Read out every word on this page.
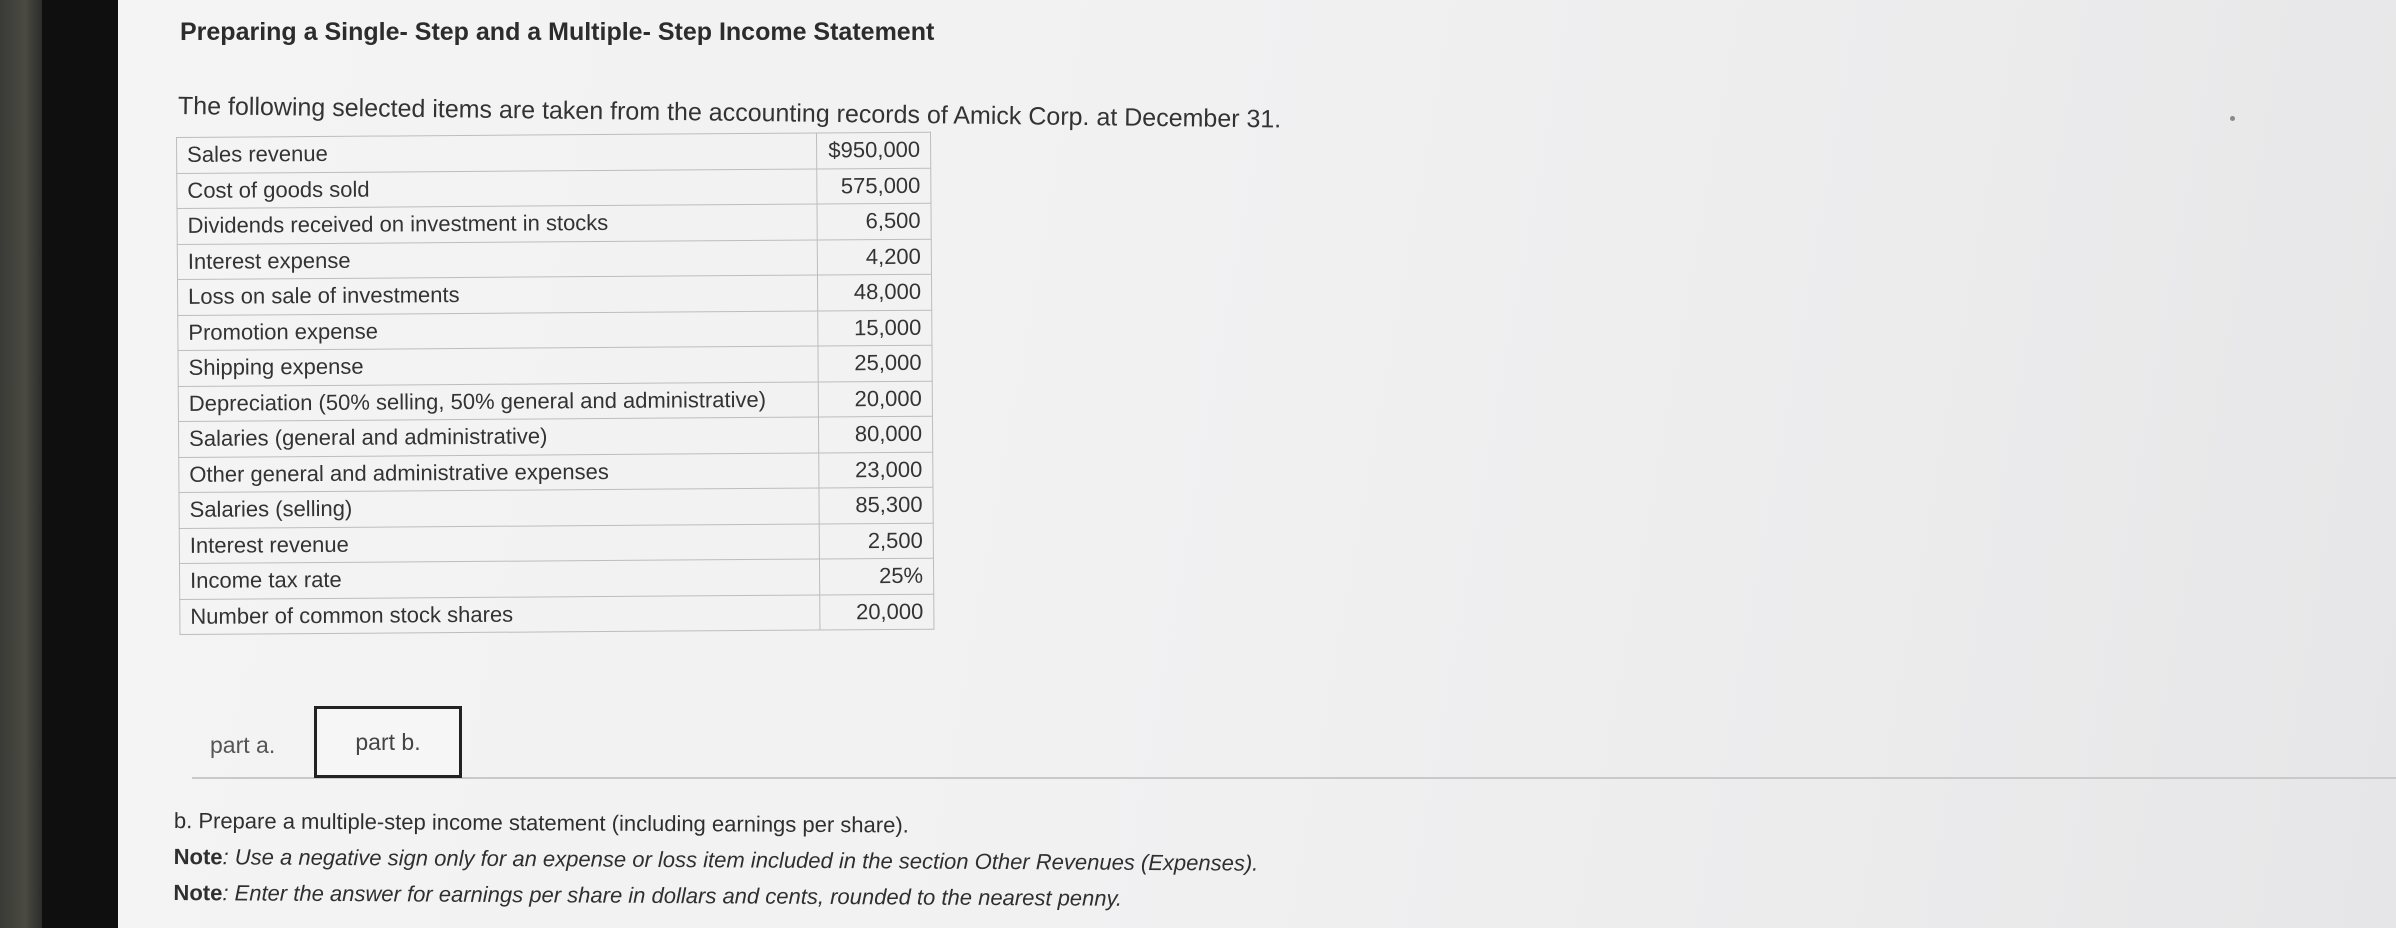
Preparing a Single- Step and a Multiple- Step Income Statement

The following selected items are taken from the accounting records of Amick Corp. at December 31.

Sales revenue	$950,000
Cost of goods sold	575,000
Dividends received on investment in stocks	6,500
Interest expense	4,200
Loss on sale of investments	48,000
Promotion expense	15,000
Shipping expense	25,000
Depreciation (50% selling, 50% general and administrative)	20,000
Salaries (general and administrative)	80,000
Other general and administrative expenses	23,000
Salaries (selling)	85,300
Interest revenue	2,500
Income tax rate	25%
Number of common stock shares	20,000
part a.	part b.

b. Prepare a multiple-step income statement (including earnings per share).

Note: Use a negative sign only for an expense or loss item included in the section Other Revenues (Expenses).

Note: Enter the answer for earnings per share in dollars and cents, rounded to the nearest penny.
